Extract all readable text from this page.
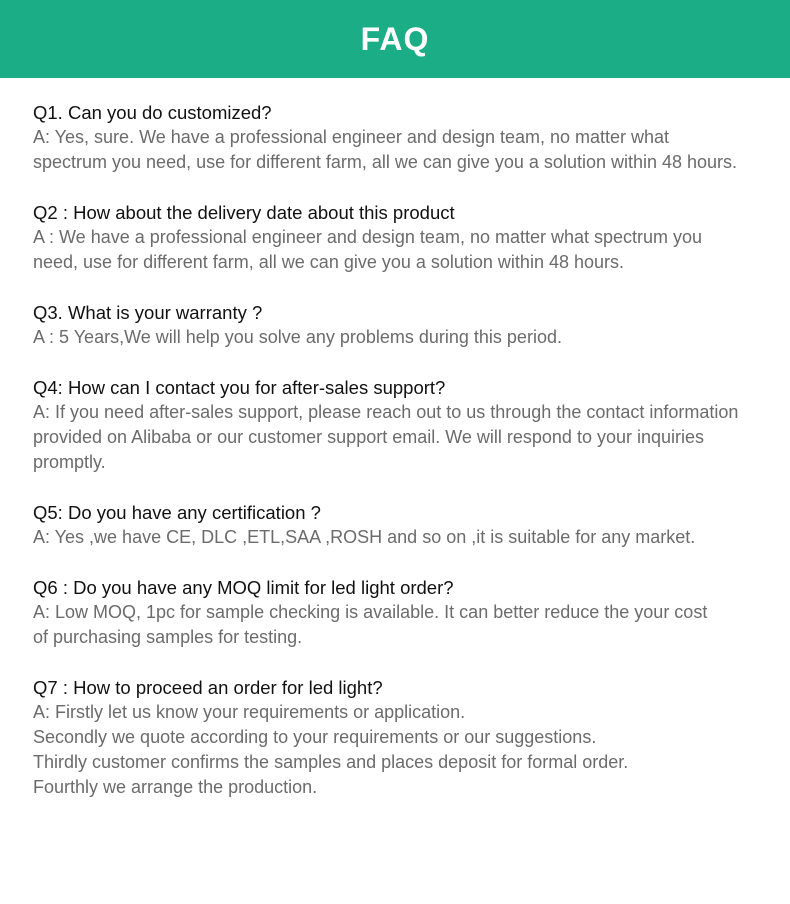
FAQ
Q1. Can you do customized?
A: Yes, sure. We have a professional engineer and design team, no matter what
spectrum you need, use for different farm, all we can give you a solution within 48 hours.
Q2 : How about the delivery date about this product
A : We have a professional engineer and design team, no matter what spectrum you
need, use for different farm, all we can give you a solution within 48 hours.
Q3. What is your warranty ?
A : 5 Years,We will help you solve any problems during this period.
Q4: How can I contact you for after-sales support?
A: If you need after-sales support, please reach out to us through the contact information
provided on Alibaba or our customer support email. We will respond to your inquiries
promptly.
Q5: Do you have any certification ?
A: Yes ,we have CE, DLC ,ETL,SAA ,ROSH and so on ,it is suitable for any market.
Q6 : Do you have any MOQ limit for led light order?
A: Low MOQ, 1pc for sample checking is available. It can better reduce the your cost
of purchasing samples for testing.
Q7 : How to proceed an order for led light?
A: Firstly let us know your requirements or application.
Secondly we quote according to your requirements or our suggestions.
Thirdly customer confirms the samples and places deposit for formal order.
Fourthly we arrange the production.
